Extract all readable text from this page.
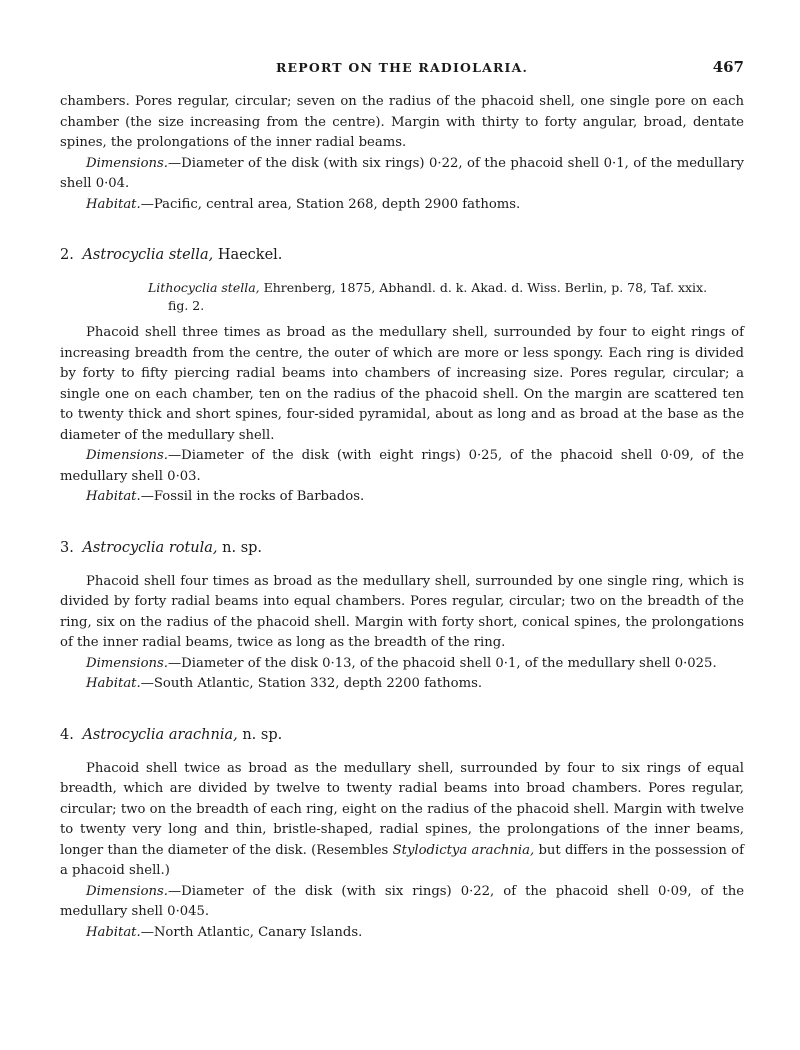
REPORT ON THE RADIOLARIA.	467

chambers. Pores regular, circular; seven on the radius of the phacoid shell, one single pore on each chamber (the size increasing from the centre). Margin with thirty to forty angular, broad, dentate spines, the prolongations of the inner radial beams.

Dimensions.—Diameter of the disk (with six rings) 0·22, of the phacoid shell 0·1, of the medullary shell 0·04.

Habitat.—Pacific, central area, Station 268, depth 2900 fathoms.

2. Astrocyclia stella, Haeckel.

Lithocyclia stella, Ehrenberg, 1875, Abhandl. d. k. Akad. d. Wiss. Berlin, p. 78, Taf. xxix.
fig. 2.

Phacoid shell three times as broad as the medullary shell, surrounded by four to eight rings of increasing breadth from the centre, the outer of which are more or less spongy. Each ring is divided by forty to fifty piercing radial beams into chambers of increasing size. Pores regular, circular; a single one on each chamber, ten on the radius of the phacoid shell. On the margin are scattered ten to twenty thick and short spines, four-sided pyramidal, about as long and as broad at the base as the diameter of the medullary shell.

Dimensions.—Diameter of the disk (with eight rings) 0·25, of the phacoid shell 0·09, of the medullary shell 0·03.

Habitat.—Fossil in the rocks of Barbados.

3. Astrocyclia rotula, n. sp.

Phacoid shell four times as broad as the medullary shell, surrounded by one single ring, which is divided by forty radial beams into equal chambers. Pores regular, circular; two on the breadth of the ring, six on the radius of the phacoid shell. Margin with forty short, conical spines, the prolongations of the inner radial beams, twice as long as the breadth of the ring.

Dimensions.—Diameter of the disk 0·13, of the phacoid shell 0·1, of the medullary shell 0·025.

Habitat.—South Atlantic, Station 332, depth 2200 fathoms.

4. Astrocyclia arachnia, n. sp.

Phacoid shell twice as broad as the medullary shell, surrounded by four to six rings of equal breadth, which are divided by twelve to twenty radial beams into broad chambers. Pores regular, circular; two on the breadth of each ring, eight on the radius of the phacoid shell. Margin with twelve to twenty very long and thin, bristle-shaped, radial spines, the prolongations of the inner beams, longer than the diameter of the disk. (Resembles Stylodictya arachnia, but differs in the possession of a phacoid shell.)

Dimensions.—Diameter of the disk (with six rings) 0·22, of the phacoid shell 0·09, of the medullary shell 0·045.

Habitat.—North Atlantic, Canary Islands.
